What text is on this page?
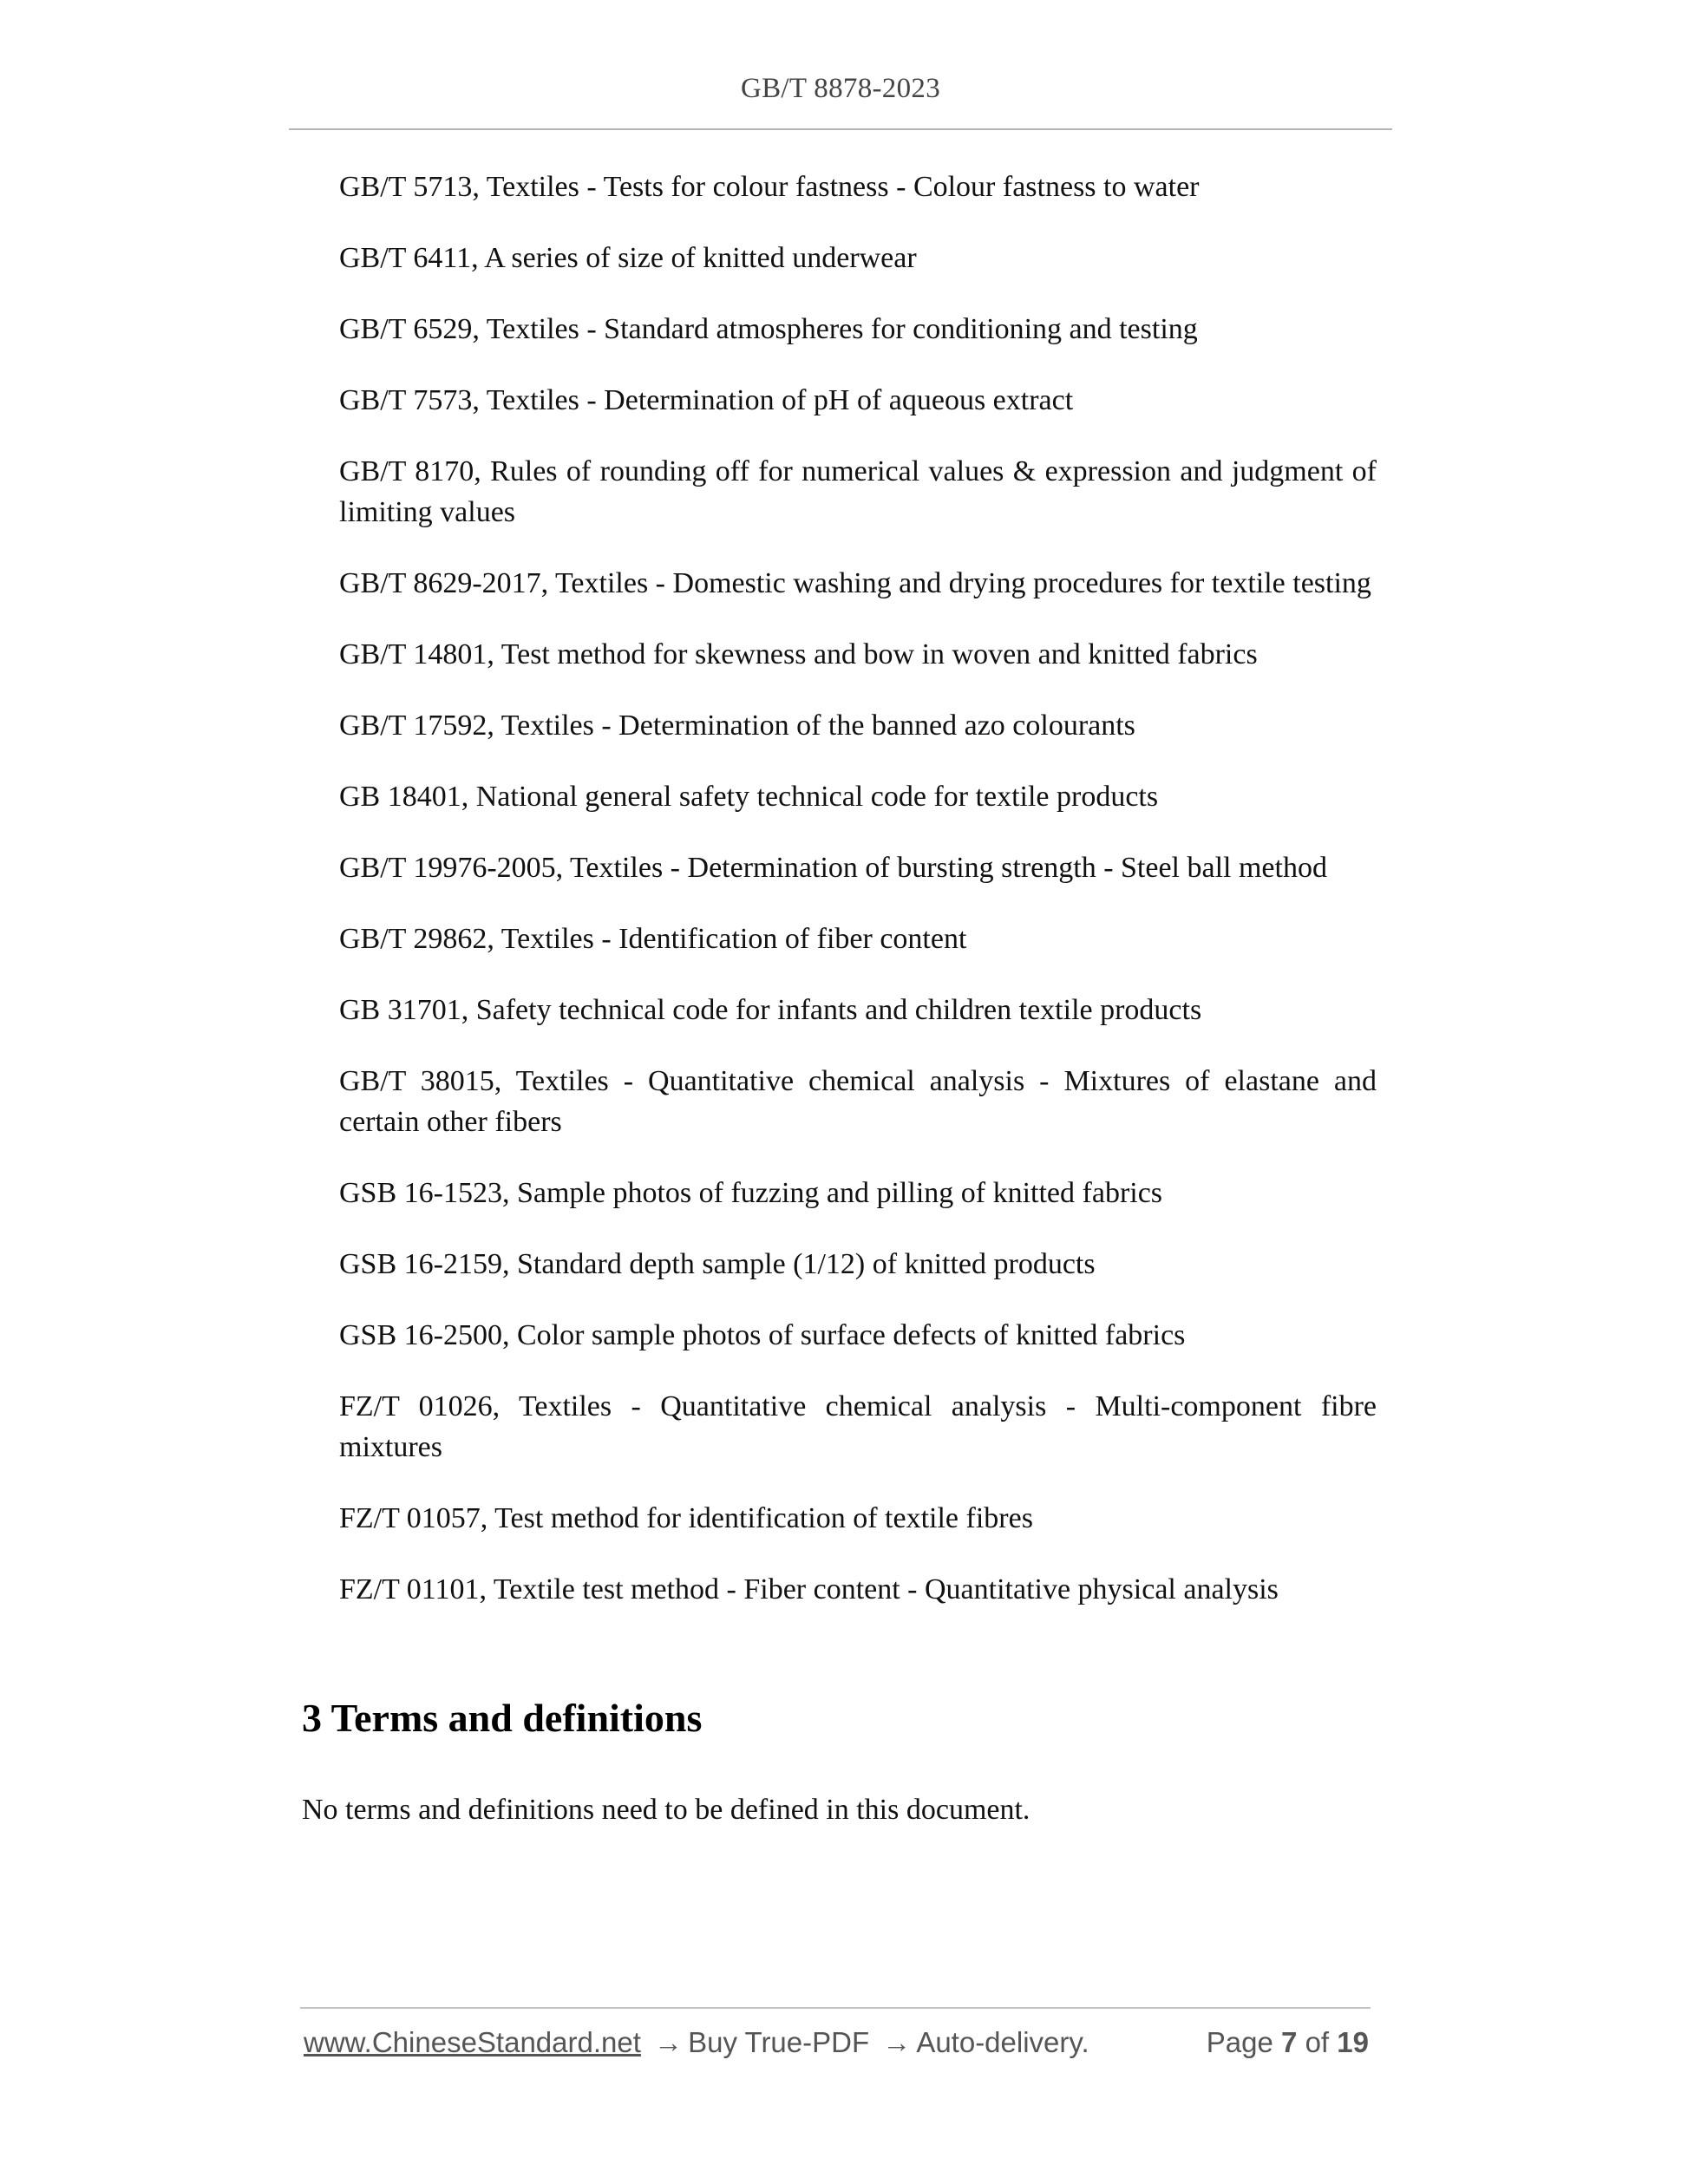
GB/T 8878-2023
GB/T 5713, Textiles - Tests for colour fastness - Colour fastness to water
GB/T 6411, A series of size of knitted underwear
GB/T 6529, Textiles - Standard atmospheres for conditioning and testing
GB/T 7573, Textiles - Determination of pH of aqueous extract
GB/T 8170, Rules of rounding off for numerical values & expression and judgment of limiting values
GB/T 8629-2017, Textiles - Domestic washing and drying procedures for textile testing
GB/T 14801, Test method for skewness and bow in woven and knitted fabrics
GB/T 17592, Textiles - Determination of the banned azo colourants
GB 18401, National general safety technical code for textile products
GB/T 19976-2005, Textiles - Determination of bursting strength - Steel ball method
GB/T 29862, Textiles - Identification of fiber content
GB 31701, Safety technical code for infants and children textile products
GB/T 38015, Textiles - Quantitative chemical analysis - Mixtures of elastane and certain other fibers
GSB 16-1523, Sample photos of fuzzing and pilling of knitted fabrics
GSB 16-2159, Standard depth sample (1/12) of knitted products
GSB 16-2500, Color sample photos of surface defects of knitted fabrics
FZ/T 01026, Textiles - Quantitative chemical analysis - Multi-component fibre mixtures
FZ/T 01057, Test method for identification of textile fibres
FZ/T 01101, Textile test method - Fiber content - Quantitative physical analysis
3 Terms and definitions

No terms and definitions need to be defined in this document.

www.ChineseStandard.net → Buy True-PDF → Auto-delivery.	Page 7 of 19
